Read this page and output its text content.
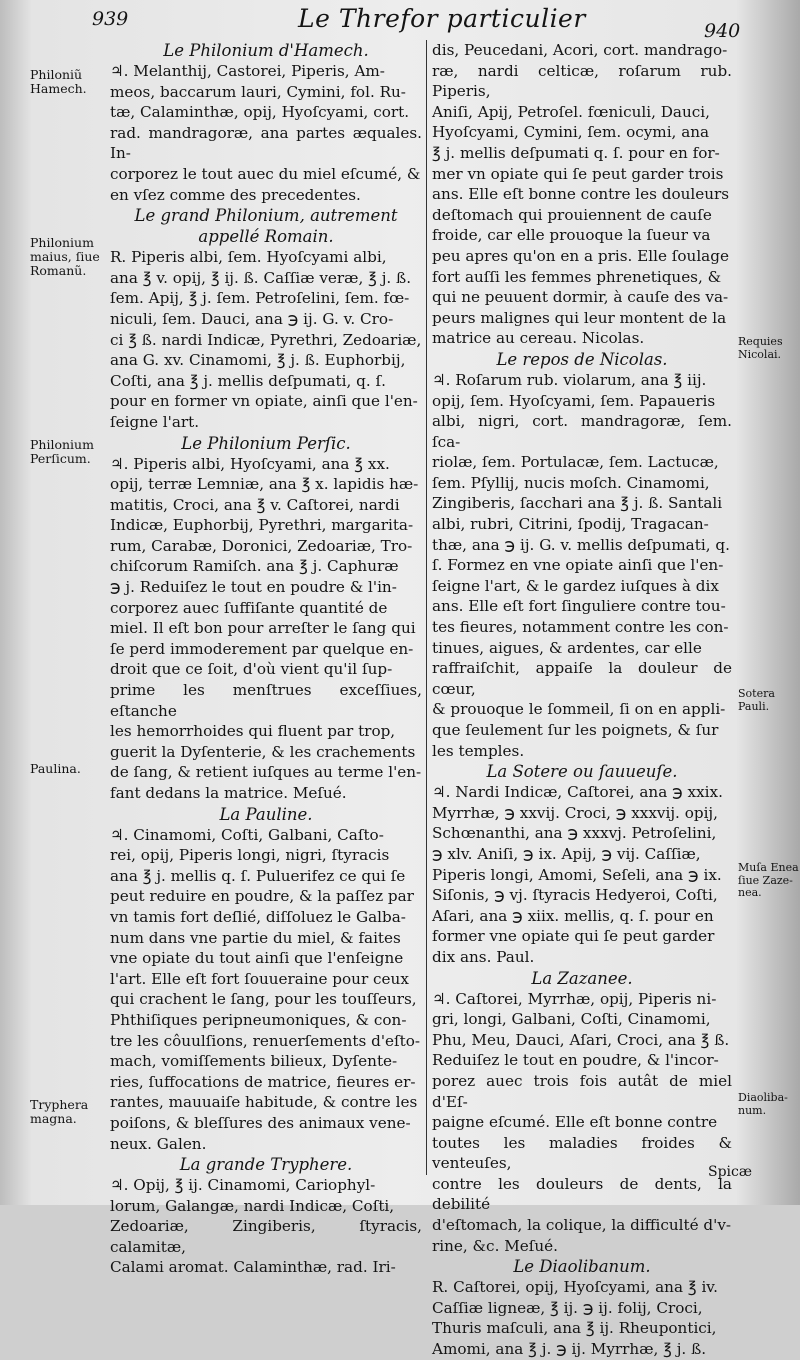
939	Le Threfor particulier	940
Le Philonium d'Hamech.
♃. Melanthij, Castorei, Piperis, Am-
meos, baccarum lauri, Cymini, fol. Ru-
tæ, Calaminthæ, opij, Hyoſcyami, cort.
rad. mandragoræ, ana partes æquales. In-
corporez le tout auec du miel eſcumé, &
en vſez comme des precedentes.
Le grand Philonium, autrement
appellé Romain.
R. Piperis albi, ſem. Hyoſcyami albi,
ana ℥ v. opij, ℥ ij. ß. Caſſiæ veræ, ℥ j. ß.
ſem. Apij, ℥ j. ſem. Petroſelini, ſem. fœ-
niculi, ſem. Dauci, ana ℈ ij. G. v. Cro-
ci ℥ ß. nardi Indicæ, Pyrethri, Zedoariæ,
ana G. xv. Cinamomi, ℥ j. ß. Euphorbij,
Coſti, ana ℥ j. mellis deſpumati, q. ſ.
pour en former vn opiate, ainſi que l'en-
ſeigne l'art.
Le Philonium Perſic.
♃. Piperis albi, Hyoſcyami, ana ℥ xx.
opij, terræ Lemniæ, ana ℥ x. lapidis hæ-
matitis, Croci, ana ℥ v. Caſtorei, nardi
Indicæ, Euphorbij, Pyrethri, margarita-
rum, Carabæ, Doronici, Zedoariæ, Tro-
chiſcorum Ramiſch. ana ℥ j. Caphuræ
℈ j. Reduiſez le tout en poudre & l'in-
corporez auec ſuffiſante quantité de
miel. Il eſt bon pour arreſter le ſang qui
ſe perd immoderement par quelque en-
droit que ce ſoit, d'où vient qu'il ſup-
prime les menſtrues exceſſiues, eſtanche
les hemorrhoides qui fluent par trop,
guerit la Dyſenterie, & les crachements
de ſang, & retient iuſques au terme l'en-
fant dedans la matrice. Meſué.
La Pauline.
♃. Cinamomi, Coſti, Galbani, Caſto-
rei, opij, Piperis longi, nigri, ſtyracis
ana ℥ j. mellis q. ſ. Puluerifez ce qui ſe
peut reduire en poudre, & la paſſez par
vn tamis fort deſlié, diſſoluez le Galba-
num dans vne partie du miel, & faites
vne opiate du tout ainſi que l'enſeigne
l'art. Elle eſt fort ſouueraine pour ceux
qui crachent le ſang, pour les touſſeurs,
Phthiſiques peripneumoniques, & con-
tre les côuulſions, renuerſements d'eſto-
mach, vomiſſements bilieux, Dyſente-
ries, ſuffocations de matrice, fieures er-
rantes, mauuaiſe habitude, & contre les
poiſons, & bleſſures des animaux vene-
neux. Galen.
La grande Tryphere.
♃. Opij, ℥ ij. Cinamomi, Cariophyl-
lorum, Galangæ, nardi Indicæ, Coſti,
Zedoariæ, Zingiberis, ſtyracis, calamitæ,
Calami aromat. Calaminthæ, rad. Iri-
dis, Peucedani, Acori, cort. mandrago-
ræ, nardi celticæ, roſarum rub. Piperis,
Aniſi, Apij, Petroſel. fœniculi, Dauci,
Hyoſcyami, Cymini, ſem. ocymi, ana
℥ j. mellis deſpumati q. ſ. pour en for-
mer vn opiate qui ſe peut garder trois
ans. Elle eſt bonne contre les douleurs
deſtomach qui prouiennent de cauſe
froide, car elle prouoque la ſueur va
peu apres qu'on en a pris. Elle ſoulage
fort auſſi les femmes phrenetiques, &
qui ne peuuent dormir, à cauſe des va-
peurs malignes qui leur montent de la
matrice au cereau. Nicolas.
Le repos de Nicolas.
♃. Roſarum rub. violarum, ana ℥ iij.
opij, ſem. Hyoſcyami, ſem. Papaueris
albi, nigri, cort. mandragoræ, ſem. ſca-
riolæ, ſem. Portulacæ, ſem. Lactucæ,
ſem. Pſyllij, nucis moſch. Cinamomi,
Zingiberis, ſacchari ana ℥ j. ß. Santali
albi, rubri, Citrini, ſpodij, Tragacan-
thæ, ana ℈ ij. G. v. mellis deſpumati, q.
ſ. Formez en vne opiate ainſi que l'en-
ſeigne l'art, & le gardez iuſques à dix
ans. Elle eſt fort ſinguliere contre tou-
tes fieures, notamment contre les con-
tinues, aigues, & ardentes, car elle
raffraiſchit, appaiſe la douleur de cœur,
& prouoque le ſommeil, ſi on en appli-
que ſeulement ſur les poignets, & ſur
les temples.
La Sotere ou ſauueuſe.
♃. Nardi Indicæ, Caſtorei, ana ℈ xxix.
Myrrhæ, ℈ xxvij. Croci, ℈ xxxvij. opij,
Schœnanthi, ana ℈ xxxvj. Petroſelini,
℈ xlv. Aniſi, ℈ ix. Apij, ℈ vij. Caſſiæ,
Piperis longi, Amomi, Seſeli, ana ℈ ix.
Siſonis, ℈ vj. ſtyracis Hedyeroi, Coſti,
Aſari, ana ℈ xiix. mellis, q. ſ. pour en
former vne opiate qui ſe peut garder
dix ans. Paul.
La Zazanee.
♃. Caſtorei, Myrrhæ, opij, Piperis ni-
gri, longi, Galbani, Coſti, Cinamomi,
Phu, Meu, Dauci, Aſari, Croci, ana ℥ ß.
Reduiſez le tout en poudre, & l'incor-
porez auec trois fois autât de miel d'Eſ-
paigne eſcumé. Elle eſt bonne contre
toutes les maladies froides & venteuſes,
contre les douleurs de dents, la debilité
d'eſtomach, la colique, la difficulté d'v-
rine, &c. Meſué.
Le Diaolibanum.
R. Caſtorei, opij, Hyoſcyami, ana ℥ iv.
Caſſiæ ligneæ, ℥ ij. ℈ ij. folij, Croci,
Thuris maſculi, ana ℥ ij. Rheupontici,
Amomi, ana ℥ j. ℈ ij. Myrrhæ, ℥ j. ß.
Philoniũ
Hamech.
Philonium
maius, ſiue
Romanũ.
Philonium
Perſicum.
Paulina.
Tryphera
magna.
Requies
Nicolai.
Sotera
Pauli.
Muſa Enea
ſiue Zaze-
nea.
Diaoliba-
num.
Spicæ
